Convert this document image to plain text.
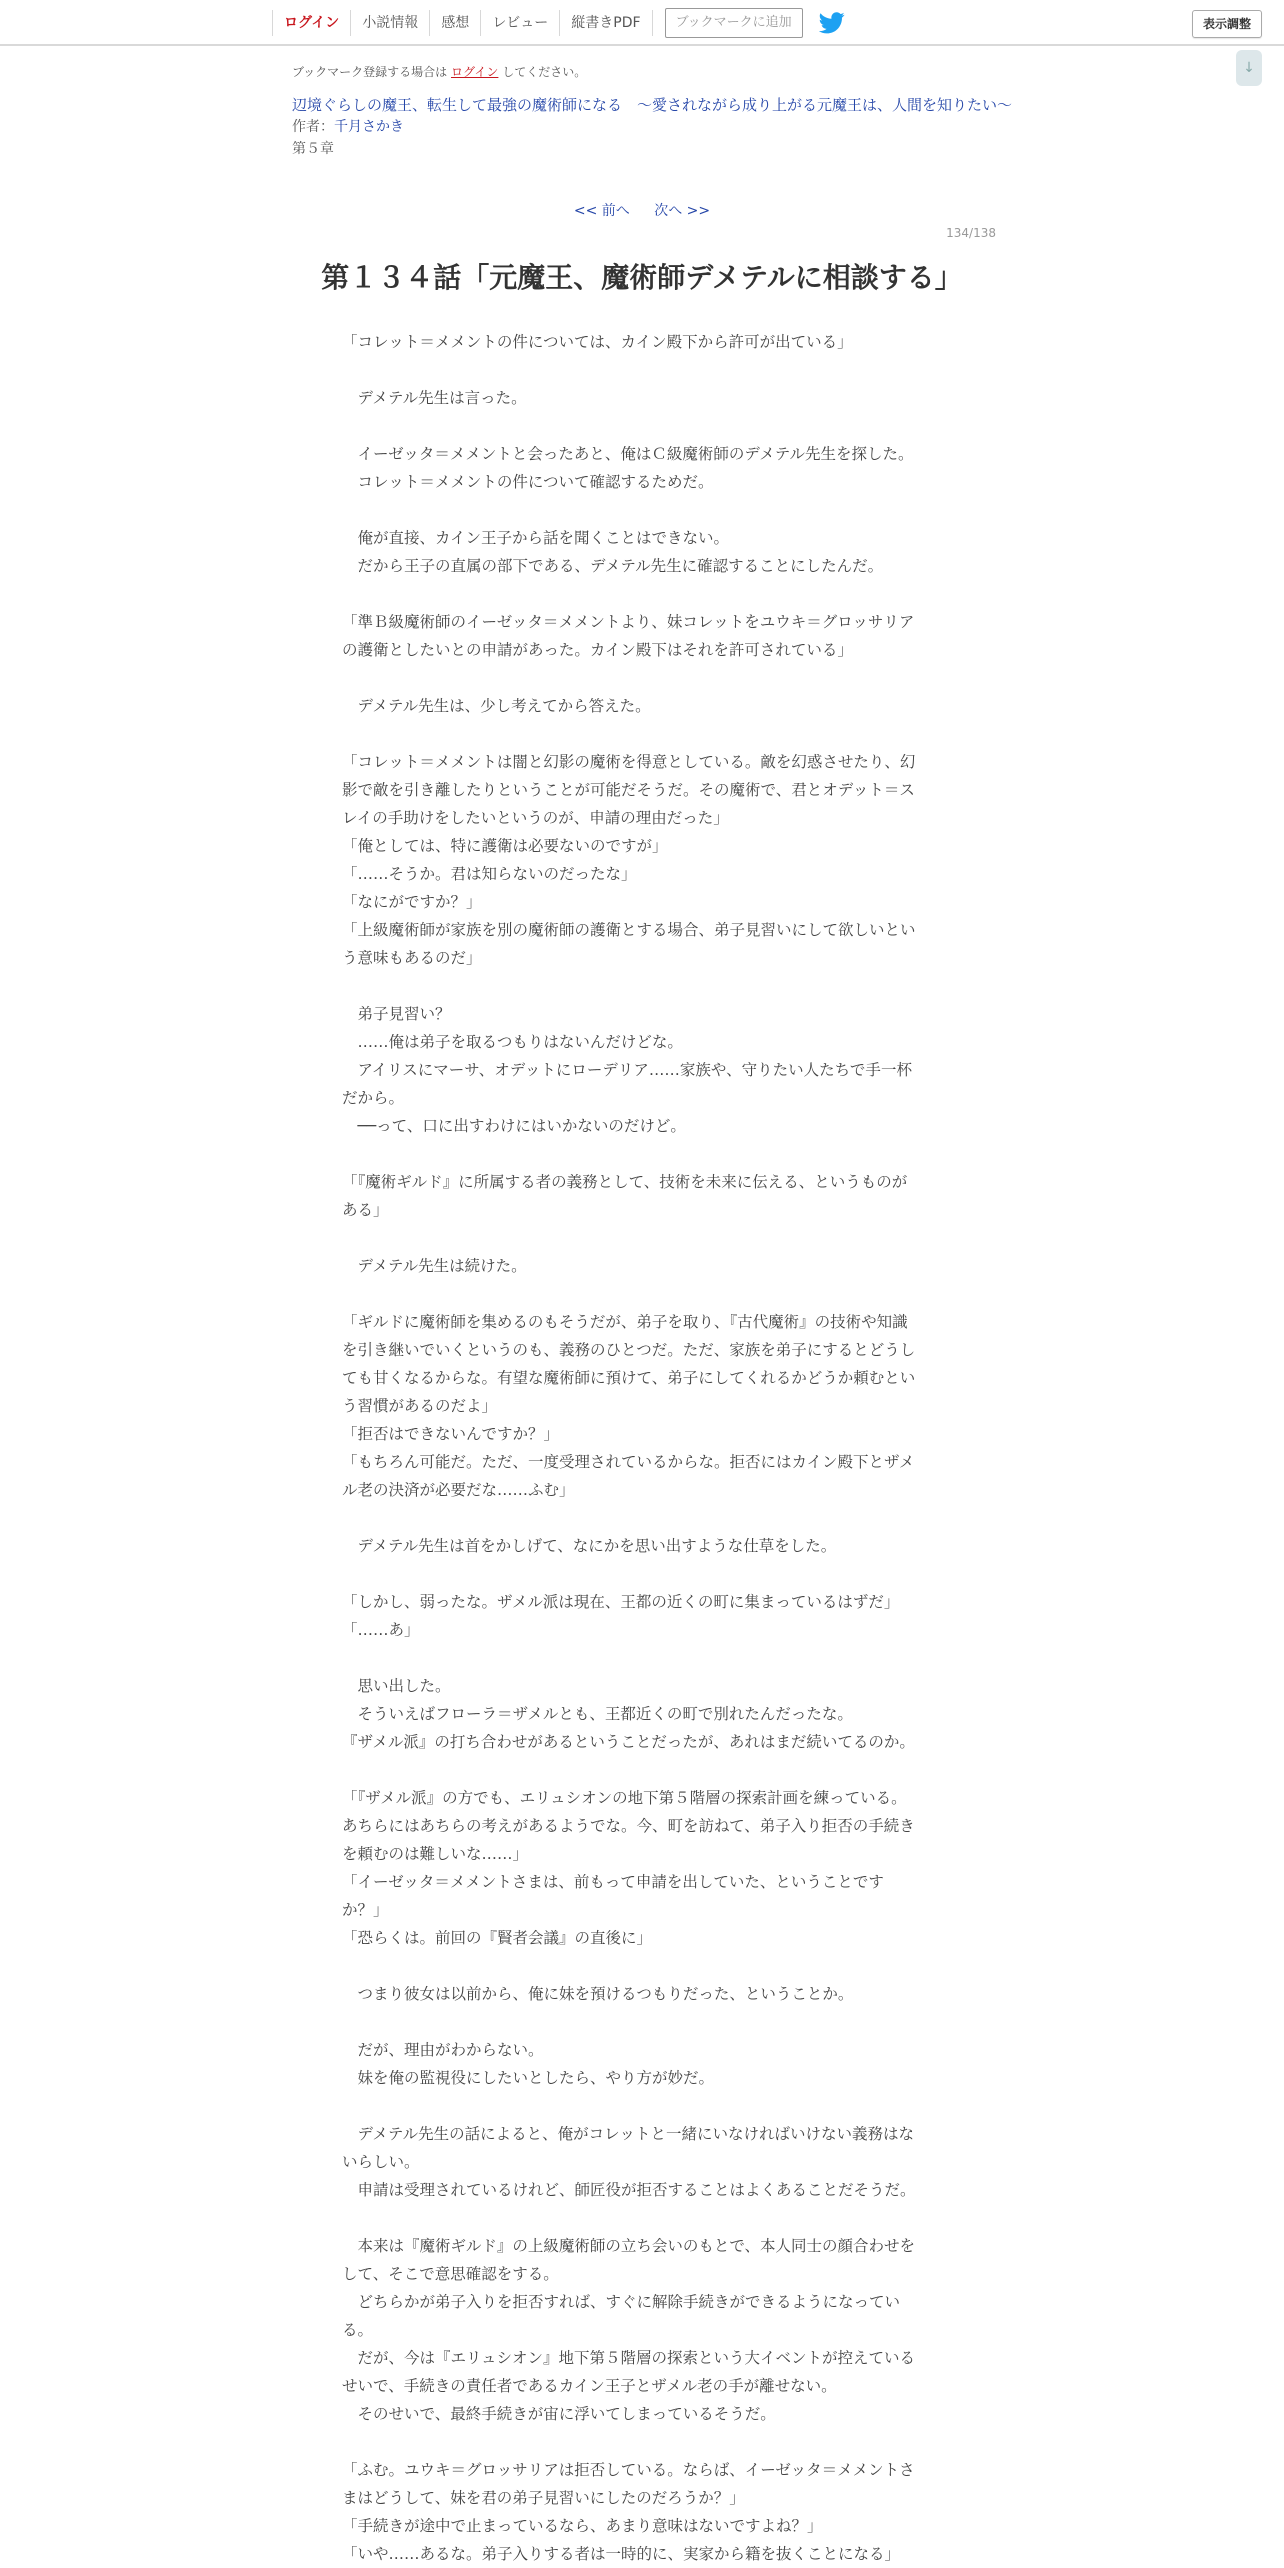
ログイン	小説情報	感想	レビュー	縦書きPDF	ブックマークに追加	表示調整
↓
ブックマーク登録する場合は ログイン してください。
辺境ぐらしの魔王、転生して最強の魔術師になる　〜愛されながら成り上がる元魔王は、人間を知りたい〜
作者：千月さかき
第５章
<< 前へ 次へ >>
134/138
第１３４話「元魔王、魔術師デメテルに相談する」

「コレット＝メメントの件については、カイン殿下から許可が出ている」

　デメテル先生は言った。

　イーゼッタ＝メメントと会ったあと、俺はＣ級魔術師のデメテル先生を探した。

　コレット＝メメントの件について確認するためだ。

　俺が直接、カイン王子から話を聞くことはできない。

　だから王子の直属の部下である、デメテル先生に確認することにしたんだ。

「準Ｂ級魔術師のイーゼッタ＝メメントより、妹コレットをユウキ＝グロッサリア

の護衛としたいとの申請があった。カイン殿下はそれを許可されている」

　デメテル先生は、少し考えてから答えた。

「コレット＝メメントは闇と幻影の魔術を得意としている。敵を幻惑させたり、幻

影で敵を引き離したりということが可能だそうだ。その魔術で、君とオデット＝ス

レイの手助けをしたいというのが、申請の理由だった」

「俺としては、特に護衛は必要ないのですが」

「……そうか。君は知らないのだったな」

「なにがですか？」

「上級魔術師が家族を別の魔術師の護衛とする場合、弟子見習いにして欲しいとい

う意味もあるのだ」

　弟子見習い？

　……俺は弟子を取るつもりはないんだけどな。

　アイリスにマーサ、オデットにローデリア……家族や、守りたい人たちで手一杯

だから。

　──って、口に出すわけにはいかないのだけど。

「『魔術ギルド』に所属する者の義務として、技術を未来に伝える、というものが

ある」

　デメテル先生は続けた。

「ギルドに魔術師を集めるのもそうだが、弟子を取り、『古代魔術』の技術や知識

を引き継いでいくというのも、義務のひとつだ。ただ、家族を弟子にするとどうし

ても甘くなるからな。有望な魔術師に預けて、弟子にしてくれるかどうか頼むとい

う習慣があるのだよ」

「拒否はできないんですか？」

「もちろん可能だ。ただ、一度受理されているからな。拒否にはカイン殿下とザメ

ル老の決済が必要だな……ふむ」

　デメテル先生は首をかしげて、なにかを思い出すような仕草をした。

「しかし、弱ったな。ザメル派は現在、王都の近くの町に集まっているはずだ」

「……あ」

　思い出した。

　そういえばフローラ＝ザメルとも、王都近くの町で別れたんだったな。

『ザメル派』の打ち合わせがあるということだったが、あれはまだ続いてるのか。

「『ザメル派』の方でも、エリュシオンの地下第５階層の探索計画を練っている。

あちらにはあちらの考えがあるようでな。今、町を訪ねて、弟子入り拒否の手続き

を頼むのは難しいな……」

「イーゼッタ＝メメントさまは、前もって申請を出していた、ということです

か？」

「恐らくは。前回の『賢者会議』の直後に」

　つまり彼女は以前から、俺に妹を預けるつもりだった、ということか。

　だが、理由がわからない。

　妹を俺の監視役にしたいとしたら、やり方が妙だ。

　デメテル先生の話によると、俺がコレットと一緒にいなければいけない義務はな

いらしい。

　申請は受理されているけれど、師匠役が拒否することはよくあることだそうだ。

　本来は『魔術ギルド』の上級魔術師の立ち会いのもとで、本人同士の顔合わせを

して、そこで意思確認をする。

　どちらかが弟子入りを拒否すれば、すぐに解除手続きができるようになってい

る。

　だが、今は『エリュシオン』地下第５階層の探索という大イベントが控えている

せいで、手続きの責任者であるカイン王子とザメル老の手が離せない。

　そのせいで、最終手続きが宙に浮いてしまっているそうだ。

「ふむ。ユウキ＝グロッサリアは拒否している。ならば、イーゼッタ＝メメントさ

まはどうして、妹を君の弟子見習いにしたのだろうか？」

「手続きが途中で止まっているなら、あまり意味はないですよね？」

「いや……あるな。弟子入りする者は一時的に、実家から籍を抜くことになる」
